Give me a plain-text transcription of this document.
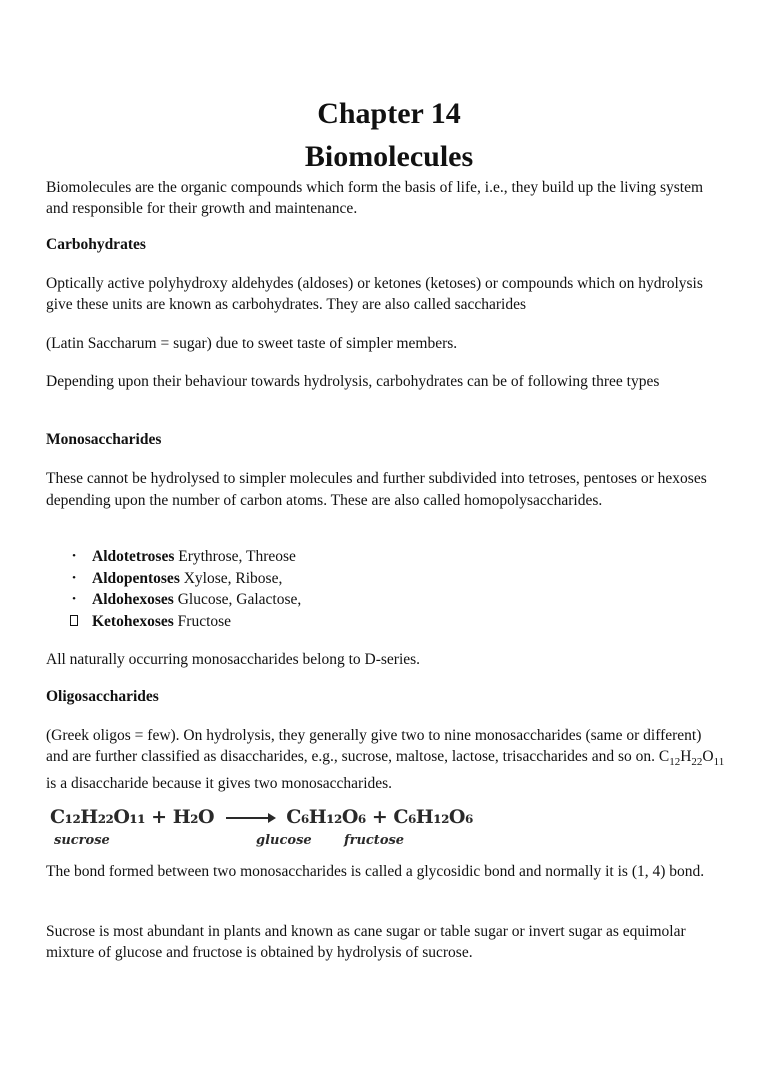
Chapter 14
Biomolecules

Biomolecules are the organic compounds which form the basis of life, i.e., they build up the living system and responsible for their growth and maintenance.

Carbohydrates

Optically active polyhydroxy aldehydes (aldoses) or ketones (ketoses) or compounds which on hydrolysis give these units are known as carbohydrates. They are also called saccharides

(Latin Saccharum = sugar) due to sweet taste of simpler members.

Depending upon their behaviour towards hydrolysis, carbohydrates can be of following three types

Monosaccharides

These cannot be hydrolysed to simpler molecules and further subdivided into tetroses, pentoses or hexoses depending upon the number of carbon atoms. These are also called homopolysaccharides.

• Aldotetroses Erythrose, Threose
• Aldopentoses Xylose, Ribose,
• Aldohexoses Glucose, Galactose,
Ketohexoses Fructose

All naturally occurring monosaccharides belong to D-series.

Oligosaccharides

(Greek oligos = few). On hydrolysis, they generally give two to nine monosaccharides (same or different) and are further classified as disaccharides, e.g., sucrose, maltose, lactose, trisaccharides and so on. $C_{12}H_{22}O_{11}$ is a disaccharide because it gives two monosaccharides.

C₁₂H₂₂O₁₁ + H₂O → C₆H₁₂O₆ + C₆H₁₂O₆
sucrose	glucose fructose

The bond formed between two monosaccharides is called a glycosidic bond and normally it is (1, 4) bond.

Sucrose is most abundant in plants and known as cane sugar or table sugar or invert sugar as equimolar mixture of glucose and fructose is obtained by hydrolysis of sucrose.
